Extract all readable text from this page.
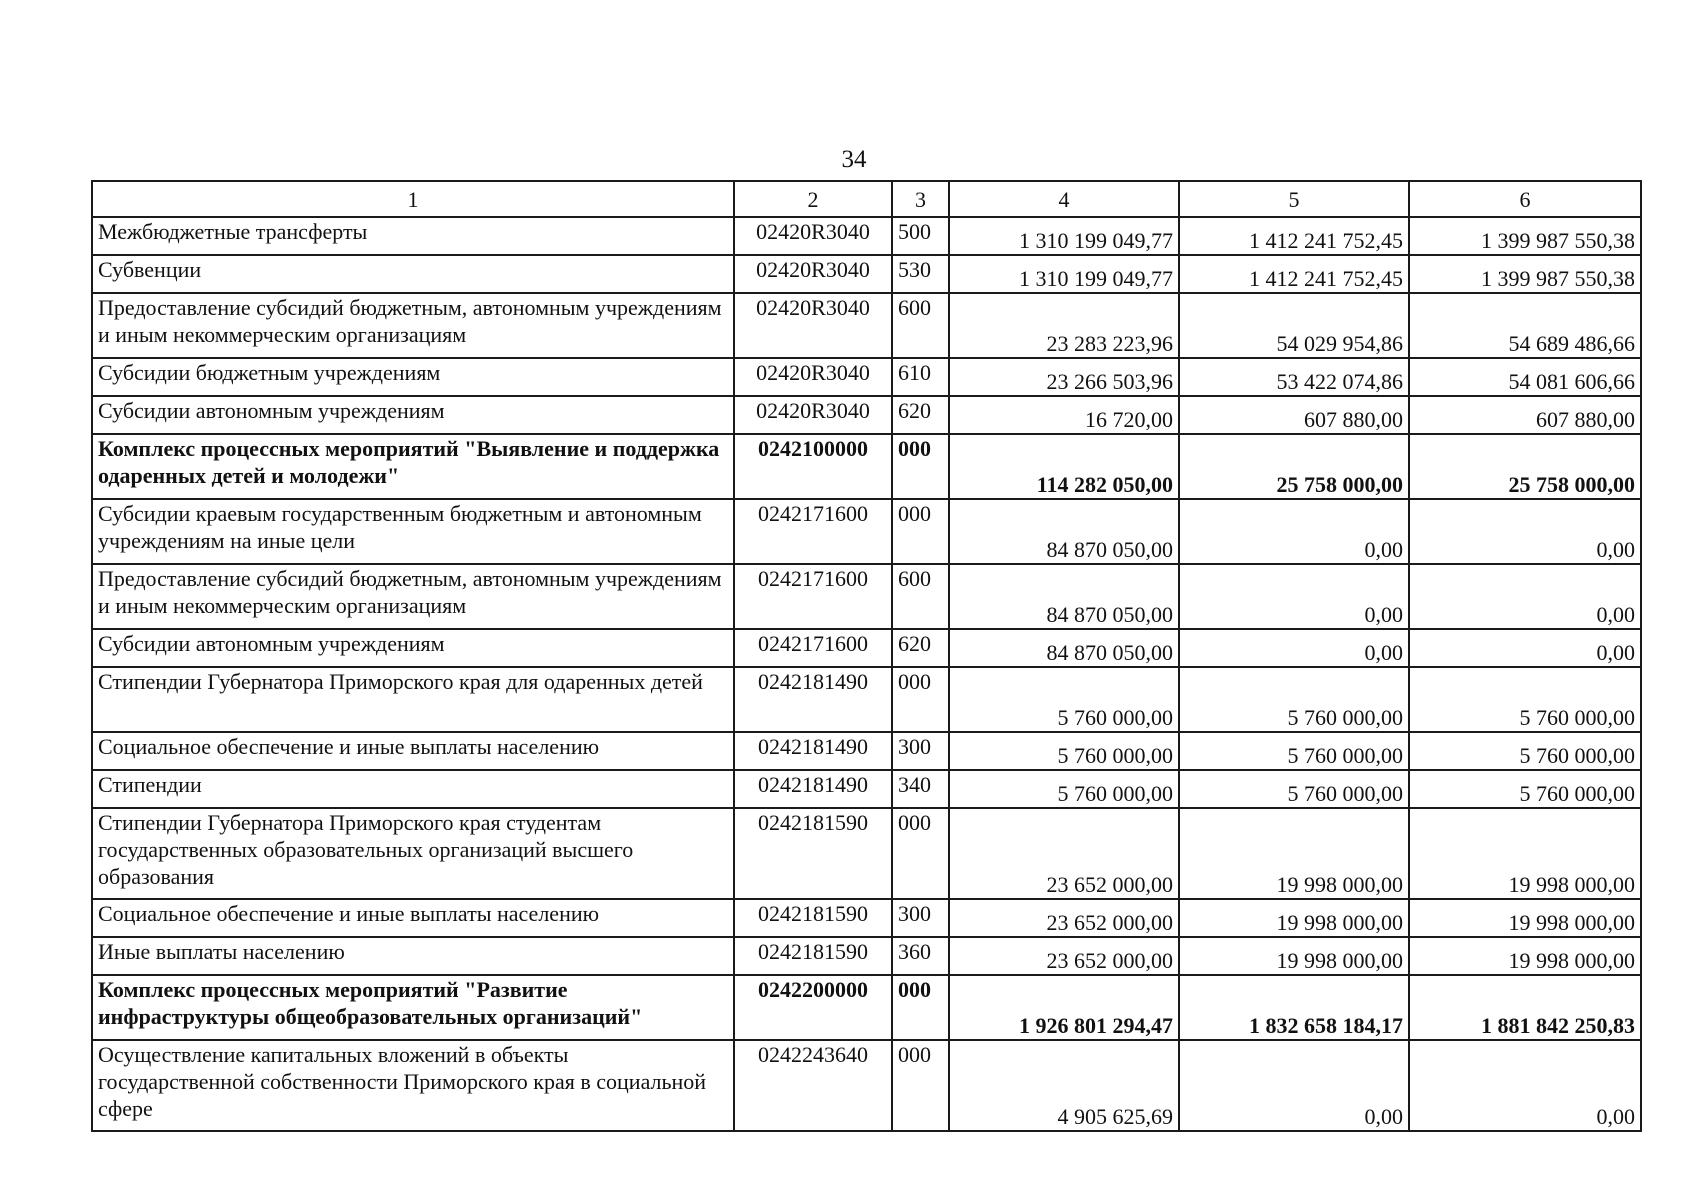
34
1	2	3	4	5	6
Межбюджетные трансферты	02420R3040	500	1 310 199 049,77	1 412 241 752,45	1 399 987 550,38
Субвенции	02420R3040	530	1 310 199 049,77	1 412 241 752,45	1 399 987 550,38
Предоставление субсидий бюджетным, автономным учреждениям и иным некоммерческим организациям	02420R3040	600	23 283 223,96	54 029 954,86	54 689 486,66
Субсидии бюджетным учреждениям	02420R3040	610	23 266 503,96	53 422 074,86	54 081 606,66
Субсидии автономным учреждениям	02420R3040	620	16 720,00	607 880,00	607 880,00
Комплекс процессных мероприятий "Выявление и поддержка одаренных детей и молодежи"	0242100000	000	114 282 050,00	25 758 000,00	25 758 000,00
Субсидии краевым государственным бюджетным и автономным учреждениям на иные цели	0242171600	000	84 870 050,00	0,00	0,00
Предоставление субсидий бюджетным, автономным учреждениям и иным некоммерческим организациям	0242171600	600	84 870 050,00	0,00	0,00
Субсидии автономным учреждениям	0242171600	620	84 870 050,00	0,00	0,00
Стипендии Губернатора Приморского края для одаренных детей	0242181490	000	5 760 000,00	5 760 000,00	5 760 000,00
Социальное обеспечение и иные выплаты населению	0242181490	300	5 760 000,00	5 760 000,00	5 760 000,00
Стипендии	0242181490	340	5 760 000,00	5 760 000,00	5 760 000,00
Стипендии Губернатора Приморского края студентам государственных образовательных организаций высшего образования	0242181590	000	23 652 000,00	19 998 000,00	19 998 000,00
Социальное обеспечение и иные выплаты населению	0242181590	300	23 652 000,00	19 998 000,00	19 998 000,00
Иные выплаты населению	0242181590	360	23 652 000,00	19 998 000,00	19 998 000,00
Комплекс процессных мероприятий "Развитие инфраструктуры общеобразовательных организаций"	0242200000	000	1 926 801 294,47	1 832 658 184,17	1 881 842 250,83
Осуществление капитальных вложений в объекты государственной собственности Приморского края в социальной сфере	0242243640	000	4 905 625,69	0,00	0,00
